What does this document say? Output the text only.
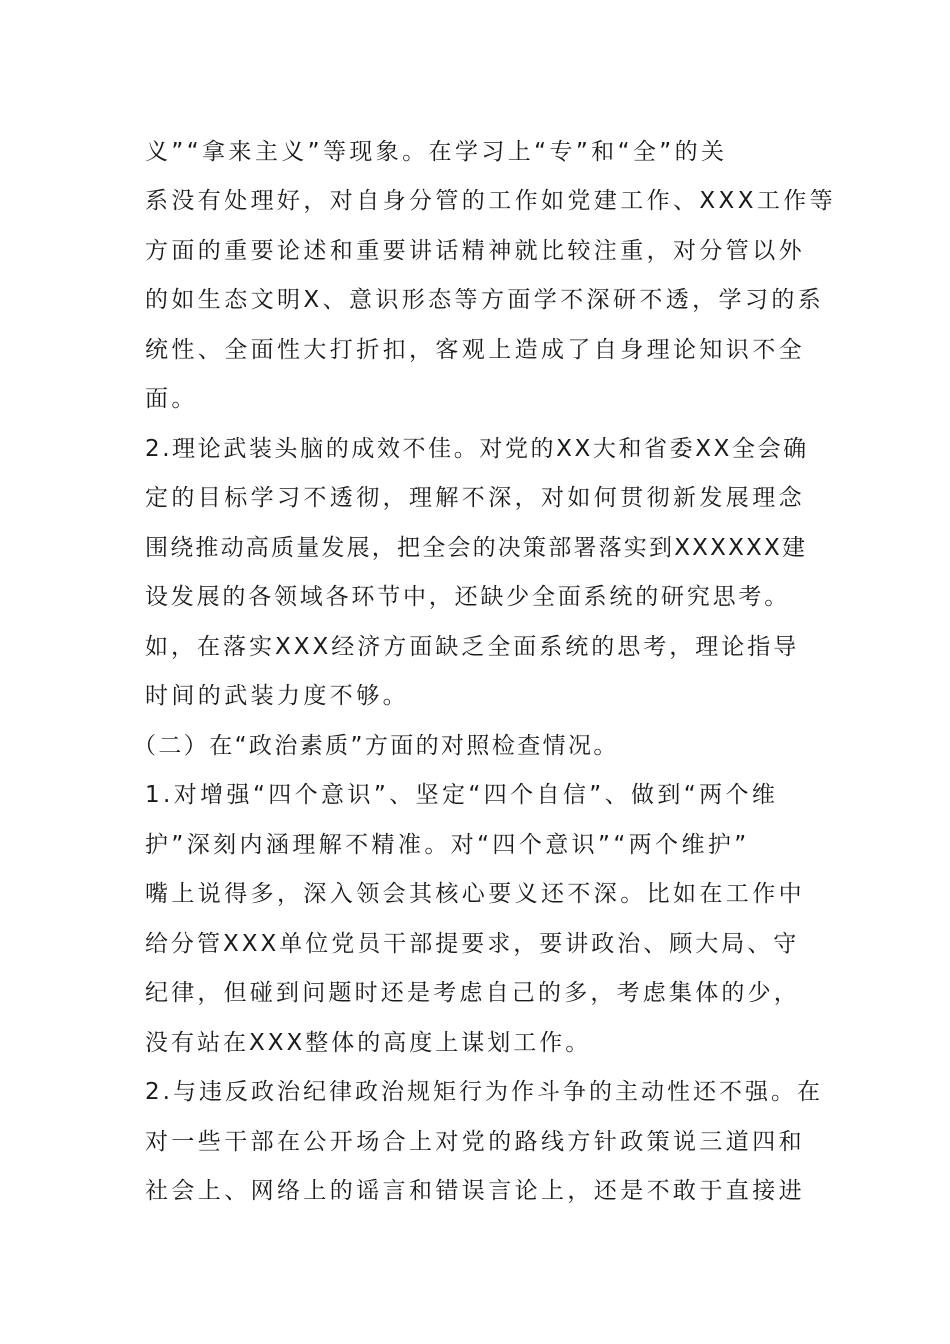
义”“拿来主义”等现象。在学习上“专”和“全”的关
系没有处理好，对自身分管的工作如党建工作、XXX工作等
方面的重要论述和重要讲话精神就比较注重，对分管以外
的如生态文明X、意识形态等方面学不深研不透，学习的系
统性、全面性大打折扣，客观上造成了自身理论知识不全
面。
2.理论武装头脑的成效不佳。对党的XX大和省委XX全会确
定的目标学习不透彻，理解不深，对如何贯彻新发展理念
围绕推动高质量发展，把全会的决策部署落实到XXXXXX建
设发展的各领域各环节中，还缺少全面系统的研究思考。
如，在落实XXX经济方面缺乏全面系统的思考，理论指导
时间的武装力度不够。
（二）在“政治素质”方面的对照检查情况。
1.对增强“四个意识”、坚定“四个自信”、做到“两个维
护”深刻内涵理解不精准。对“四个意识”“两个维护”
嘴上说得多，深入领会其核心要义还不深。比如在工作中
给分管XXX单位党员干部提要求，要讲政治、顾大局、守
纪律，但碰到问题时还是考虑自己的多，考虑集体的少，
没有站在XXX整体的高度上谋划工作。
2.与违反政治纪律政治规矩行为作斗争的主动性还不强。在
对一些干部在公开场合上对党的路线方针政策说三道四和
社会上、网络上的谣言和错误言论上，还是不敢于直接进
